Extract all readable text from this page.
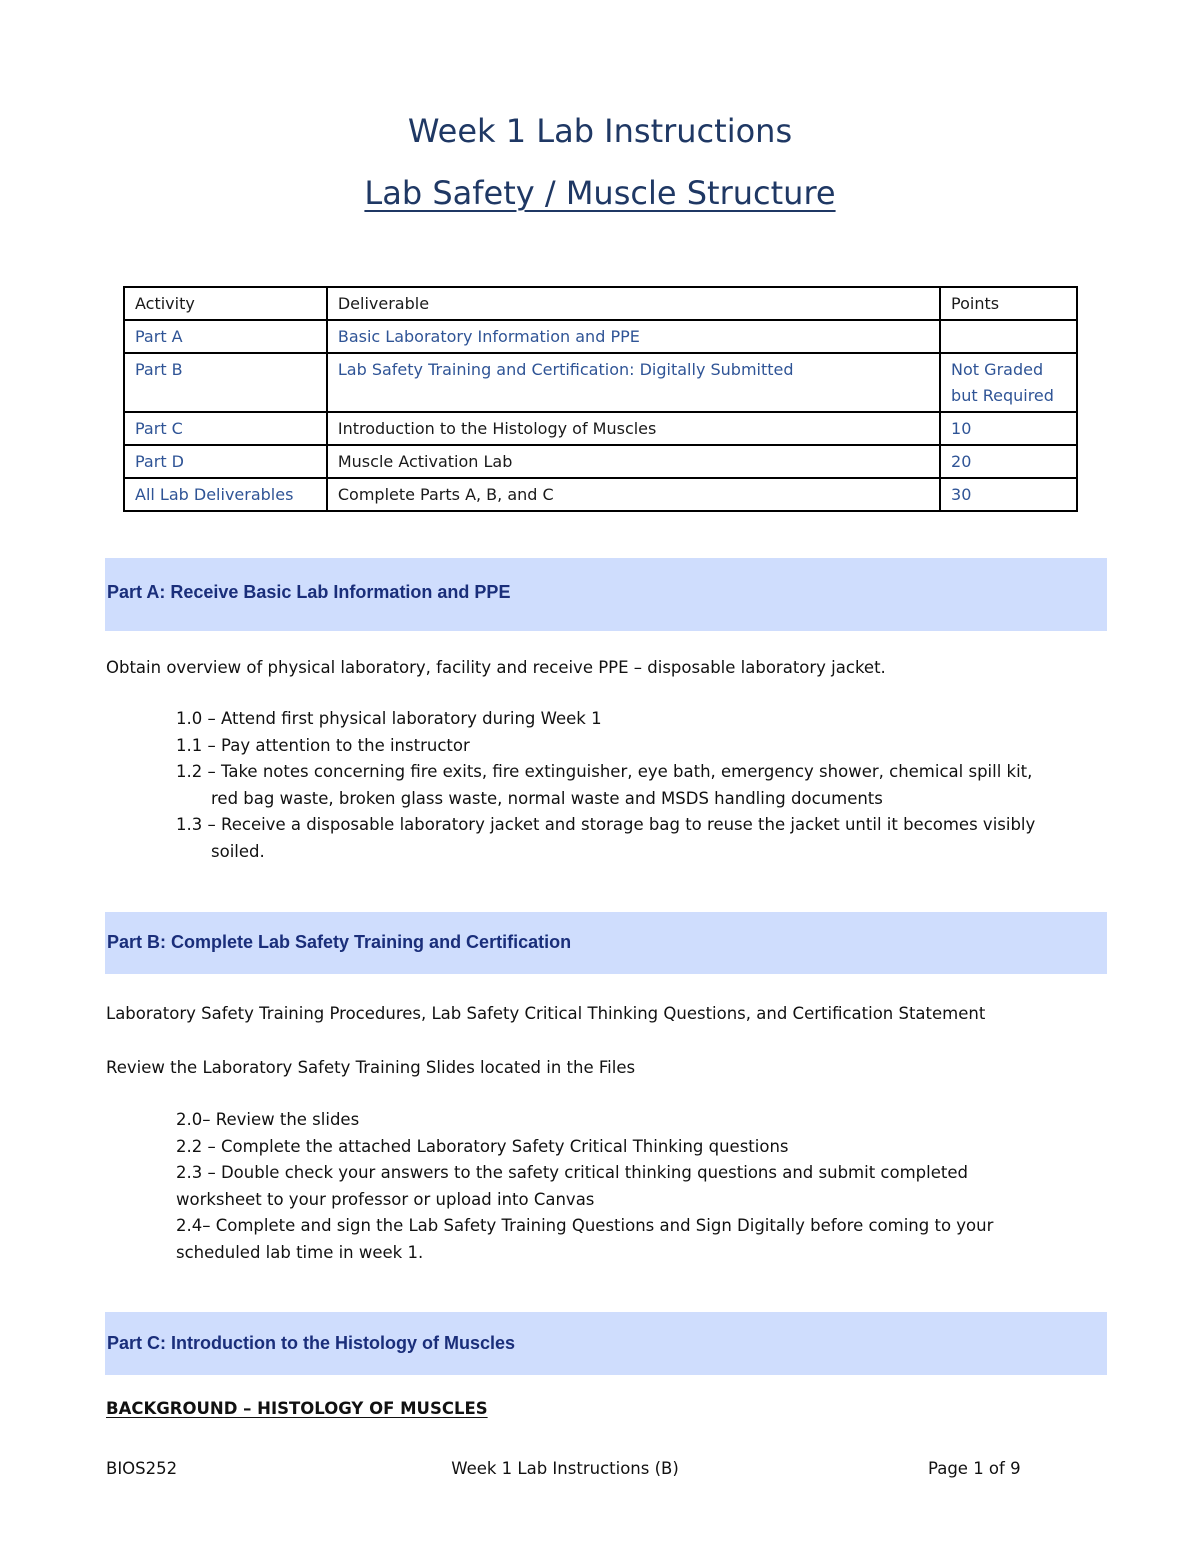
Week 1 Lab Instructions
Lab Safety / Muscle Structure
Activity	Deliverable	Points
Part A	Basic Laboratory Information and PPE	
Part B	Lab Safety Training and Certification: Digitally Submitted	Not Graded but Required
Part C	Introduction to the Histology of Muscles	10
Part D	Muscle Activation Lab	20
All Lab Deliverables	Complete Parts A, B, and C	30
Part A: Receive Basic Lab Information and PPE
Obtain overview of physical laboratory, facility and receive PPE – disposable laboratory jacket.
1.0 – Attend first physical laboratory during Week 1
1.1 – Pay attention to the instructor
1.2 – Take notes concerning fire exits, fire extinguisher, eye bath, emergency shower, chemical spill kit,
red bag waste, broken glass waste, normal waste and MSDS handling documents
1.3 – Receive a disposable laboratory jacket and storage bag to reuse the jacket until it becomes visibly
soiled.
Part B: Complete Lab Safety Training and Certification
Laboratory Safety Training Procedures, Lab Safety Critical Thinking Questions, and Certification Statement
Review the Laboratory Safety Training Slides located in the Files
2.0– Review the slides
2.2 – Complete the attached Laboratory Safety Critical Thinking questions
2.3 – Double check your answers to the safety critical thinking questions and submit completed
worksheet to your professor or upload into Canvas
2.4– Complete and sign the Lab Safety Training Questions and Sign Digitally before coming to your
scheduled lab time in week 1.
Part C: Introduction to the Histology of Muscles
BACKGROUND – HISTOLOGY OF MUSCLES
BIOS252	Week 1 Lab Instructions (B)	Page 1 of 9
